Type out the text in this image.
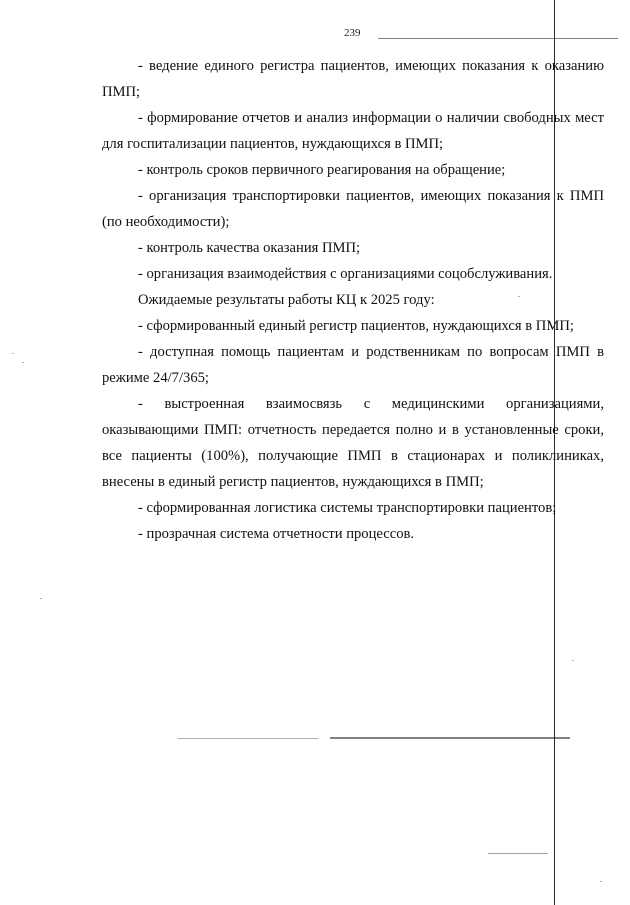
239

- ведение единого регистра пациентов, имеющих показания к оказанию ПМП;

- формирование отчетов и анализ информации о наличии свободных мест для госпитализации пациентов, нуждающихся в ПМП;

- контроль сроков первичного реагирования на обращение;

- организация транспортировки пациентов, имеющих показания к ПМП (по необходимости);

- контроль качества оказания ПМП;

- организация взаимодействия с организациями соцобслуживания.

Ожидаемые результаты работы КЦ к 2025 году:

- сформированный единый регистр пациентов, нуждающихся в ПМП;

- доступная помощь пациентам и родственникам по вопросам ПМП в режиме 24/7/365;

- выстроенная взаимосвязь с медицинскими организациями, оказывающими ПМП: отчетность передается полно и в установленные сроки, все пациенты (100%), получающие ПМП в стационарах и поликлиниках, внесены в единый регистр пациентов, нуждающихся в ПМП;

- сформированная логистика системы транспортировки пациентов;

- прозрачная система отчетности процессов.
